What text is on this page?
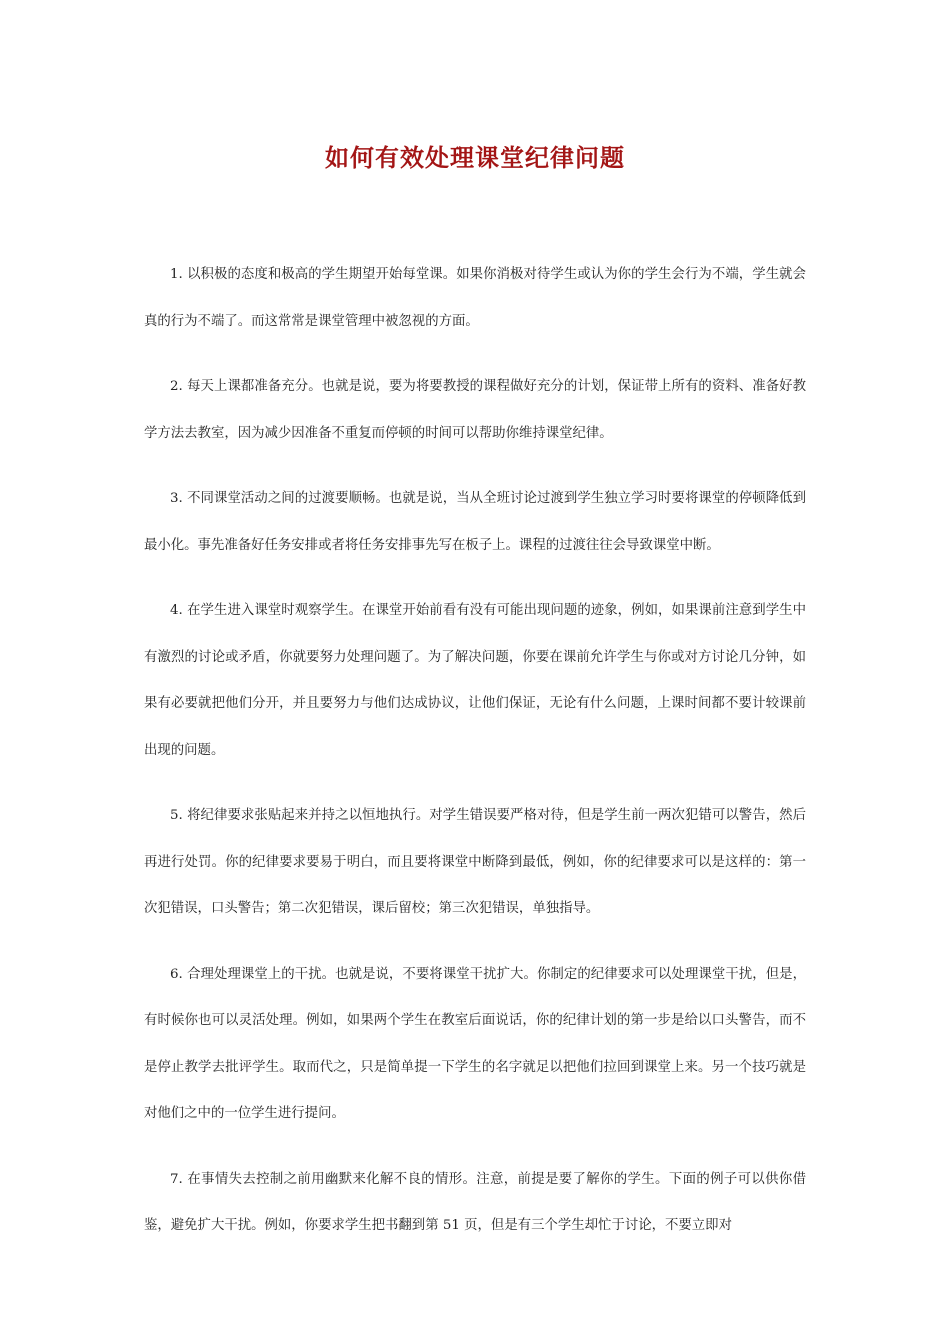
如何有效处理课堂纪律问题

1. 以积极的态度和极高的学生期望开始每堂课。如果你消极对待学生或认为你的学生会行为不端，学生就会真的行为不端了。而这常常是课堂管理中被忽视的方面。

2. 每天上课都准备充分。也就是说，要为将要教授的课程做好充分的计划，保证带上所有的资料、准备好教学方法去教室，因为减少因准备不重复而停顿的时间可以帮助你维持课堂纪律。

3. 不同课堂活动之间的过渡要顺畅。也就是说，当从全班讨论过渡到学生独立学习时要将课堂的停顿降低到最小化。事先准备好任务安排或者将任务安排事先写在板子上。课程的过渡往往会导致课堂中断。

4. 在学生进入课堂时观察学生。在课堂开始前看有没有可能出现问题的迹象，例如，如果课前注意到学生中有激烈的讨论或矛盾，你就要努力处理问题了。为了解决问题，你要在课前允许学生与你或对方讨论几分钟，如果有必要就把他们分开，并且要努力与他们达成协议，让他们保证，无论有什么问题，上课时间都不要计较课前出现的问题。

5. 将纪律要求张贴起来并持之以恒地执行。对学生错误要严格对待，但是学生前一两次犯错可以警告，然后再进行处罚。你的纪律要求要易于明白，而且要将课堂中断降到最低，例如，你的纪律要求可以是这样的：第一次犯错误，口头警告；第二次犯错误，课后留校；第三次犯错误，单独指导。

6. 合理处理课堂上的干扰。也就是说，不要将课堂干扰扩大。你制定的纪律要求可以处理课堂干扰，但是，有时候你也可以灵活处理。例如，如果两个学生在教室后面说话，你的纪律计划的第一步是给以口头警告，而不是停止教学去批评学生。取而代之，只是简单提一下学生的名字就足以把他们拉回到课堂上来。另一个技巧就是对他们之中的一位学生进行提问。

7. 在事情失去控制之前用幽默来化解不良的情形。注意，前提是要了解你的学生。下面的例子可以供你借鉴，避免扩大干扰。例如，你要求学生把书翻到第 51 页，但是有三个学生却忙于讨论，不要立即对
